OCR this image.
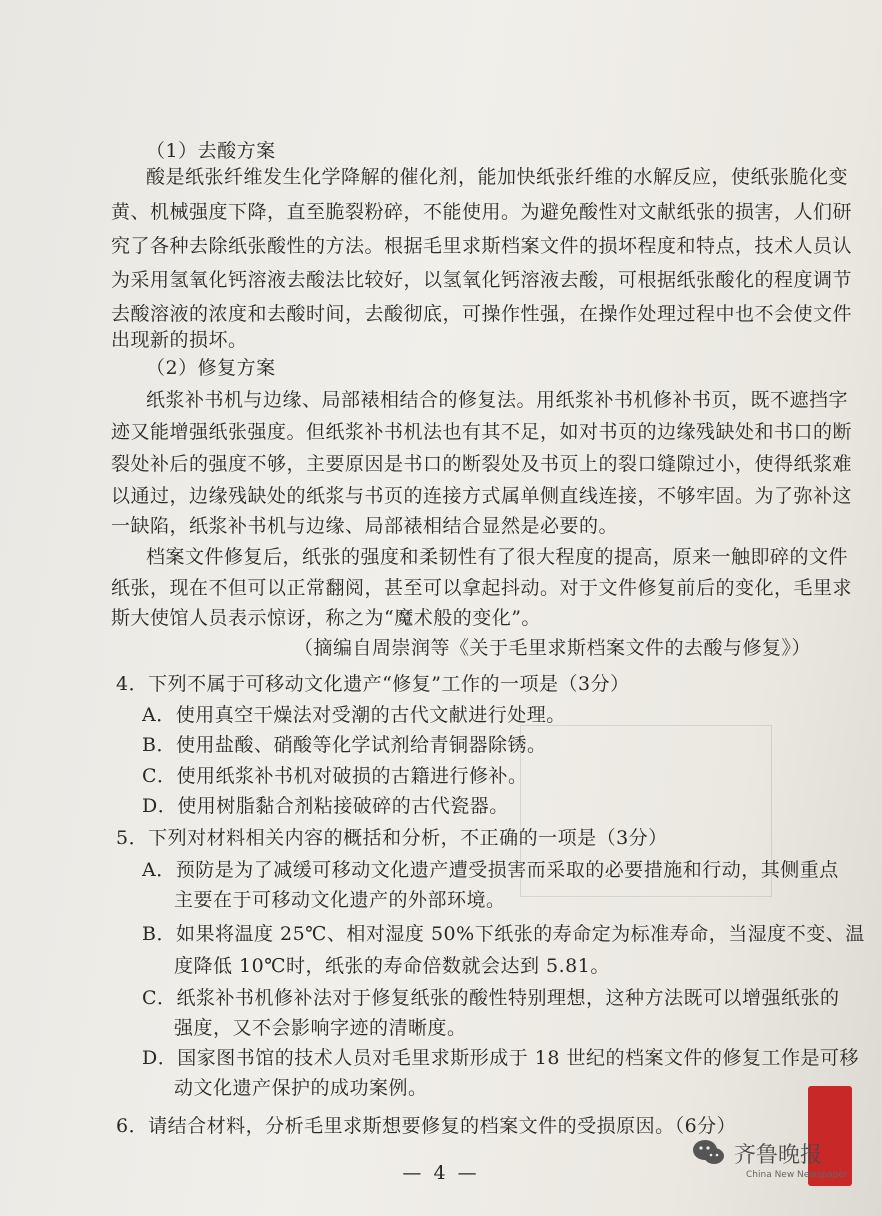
（1）去酸方案
酸是纸张纤维发生化学降解的催化剂，能加快纸张纤维的水解反应，使纸张脆化变
黄、机械强度下降，直至脆裂粉碎，不能使用。为避免酸性对文献纸张的损害，人们研
究了各种去除纸张酸性的方法。根据毛里求斯档案文件的损坏程度和特点，技术人员认
为采用氢氧化钙溶液去酸法比较好，以氢氧化钙溶液去酸，可根据纸张酸化的程度调节
去酸溶液的浓度和去酸时间，去酸彻底，可操作性强，在操作处理过程中也不会使文件
出现新的损坏。
（2）修复方案
纸浆补书机与边缘、局部裱相结合的修复法。用纸浆补书机修补书页，既不遮挡字
迹又能增强纸张强度。但纸浆补书机法也有其不足，如对书页的边缘残缺处和书口的断
裂处补后的强度不够，主要原因是书口的断裂处及书页上的裂口缝隙过小，使得纸浆难
以通过，边缘残缺处的纸浆与书页的连接方式属单侧直线连接，不够牢固。为了弥补这
一缺陷，纸浆补书机与边缘、局部裱相结合显然是必要的。
档案文件修复后，纸张的强度和柔韧性有了很大程度的提高，原来一触即碎的文件
纸张，现在不但可以正常翻阅，甚至可以拿起抖动。对于文件修复前后的变化，毛里求
斯大使馆人员表示惊讶，称之为“魔术般的变化”。
（摘编自周崇润等《关于毛里求斯档案文件的去酸与修复》）
4．下列不属于可移动文化遗产“修复”工作的一项是（3分）
A．使用真空干燥法对受潮的古代文献进行处理。
B．使用盐酸、硝酸等化学试剂给青铜器除锈。
C．使用纸浆补书机对破损的古籍进行修补。
D．使用树脂黏合剂粘接破碎的古代瓷器。
5．下列对材料相关内容的概括和分析，不正确的一项是（3分）
A．预防是为了减缓可移动文化遗产遭受损害而采取的必要措施和行动，其侧重点
主要在于可移动文化遗产的外部环境。
B．如果将温度 25℃、相对湿度 50%下纸张的寿命定为标准寿命，当湿度不变、温
度降低 10℃时，纸张的寿命倍数就会达到 5.81。
C．纸浆补书机修补法对于修复纸张的酸性特别理想，这种方法既可以增强纸张的
强度，又不会影响字迹的清晰度。
D．国家图书馆的技术人员对毛里求斯形成于 18 世纪的档案文件的修复工作是可移
动文化遗产保护的成功案例。
6．请结合材料，分析毛里求斯想要修复的档案文件的受损原因。（6分）
— 4 —
齐鲁晚报
China New Newspaper
